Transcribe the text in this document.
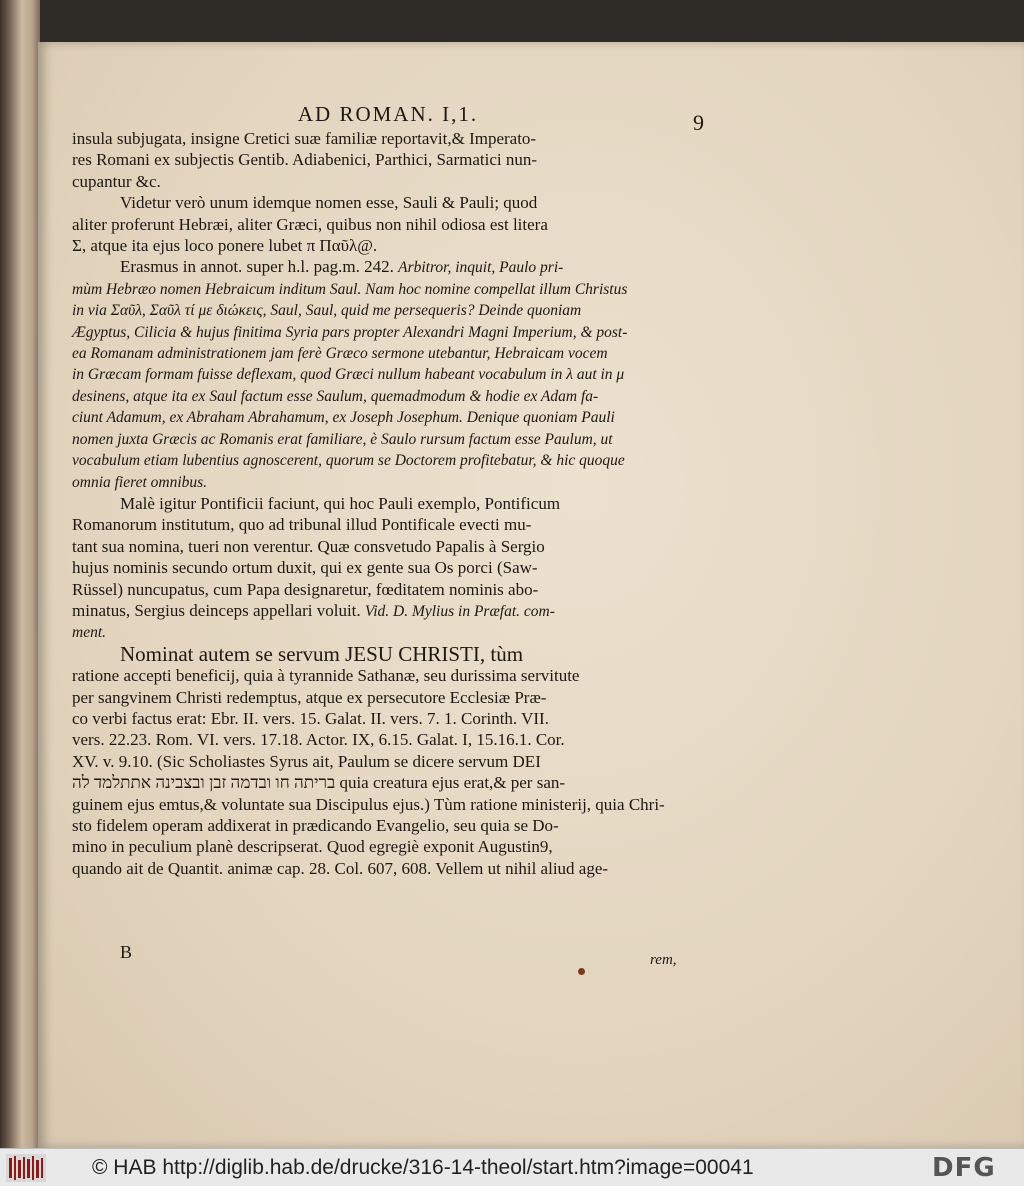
AD ROMAN. I,1.	9

insula subjugata, insigne Cretici suæ familiæ reportavit,& Imperato-

res Romani ex subjectis Gentib. Adiabenici, Parthici, Sarmatici nun-

cupantur &c.

Videtur verò unum idemque nomen esse, Sauli & Pauli; quod

aliter proferunt Hebræi, aliter Græci, quibus non nihil odiosa est litera

Σ, atque ita ejus loco ponere lubet π Παῦλ@.

Erasmus in annot. super h.l. pag.m. 242. Arbitror, inquit, Paulo pri-

mùm Hebræo nomen Hebraicum inditum Saul. Nam hoc nomine compellat illum Christus

in via Σαῦλ, Σαῦλ τί με διώκεις, Saul, Saul, quid me persequeris? Deinde quoniam

Ægyptus, Cilicia & hujus finitima Syria pars propter Alexandri Magni Imperium, & post-

ea Romanam administrationem jam ferè Græco sermone utebantur, Hebraicam vocem

in Græcam formam fuisse deflexam, quod Græci nullum habeant vocabulum in λ aut in μ

desinens, atque ita ex Saul factum esse Saulum, quemadmodum & hodie ex Adam fa-

ciunt Adamum, ex Abraham Abrahamum, ex Joseph Josephum. Denique quoniam Pauli

nomen juxta Græcis ac Romanis erat familiare, è Saulo rursum factum esse Paulum, ut

vocabulum etiam lubentius agnoscerent, quorum se Doctorem profitebatur, & hic quoque

omnia fieret omnibus.

Malè igitur Pontificii faciunt, qui hoc Pauli exemplo, Pontificum

Romanorum institutum, quo ad tribunal illud Pontificale evecti mu-

tant sua nomina, tueri non verentur. Quæ consvetudo Papalis à Sergio

hujus nominis secundo ortum duxit, qui ex gente sua Os porci (Saw-

Rüssel) nuncupatus, cum Papa designaretur, fœditatem nominis abo-

minatus, Sergius deinceps appellari voluit. Vid. D. Mylius in Præfat. com-

ment.

Nominat autem se servum JESU CHRISTI, tùm

ratione accepti beneficij, quia à tyrannide Sathanæ, seu durissima servitute

per sangvinem Christi redemptus, atque ex persecutore Ecclesiæ Præ-

co verbi factus erat: Ebr. II. vers. 15. Galat. II. vers. 7. 1. Corinth. VII.

vers. 22.23. Rom. VI. vers. 17.18. Actor. IX, 6.15. Galat. I, 15.16.1. Cor.

XV. v. 9.10. (Sic Scholiastes Syrus ait, Paulum se dicere servum DEI

בריתה חו ובדמה זבן ובצבינה אתתלמד לה quia creatura ejus erat,& per san-

guinem ejus emtus,& voluntate sua Discipulus ejus.) Tùm ratione ministerij, quia Chri-

sto fidelem operam addixerat in prædicando Evangelio, seu quia se Do-

mino in peculium planè descripserat. Quod egregiè exponit Augustin9,

quando ait de Quantit. animæ cap. 28. Col. 607, 608. Vellem ut nihil aliud age-

B	rem,
© HAB http://diglib.hab.de/drucke/316-14-theol/start.htm?image=00041	DFG
